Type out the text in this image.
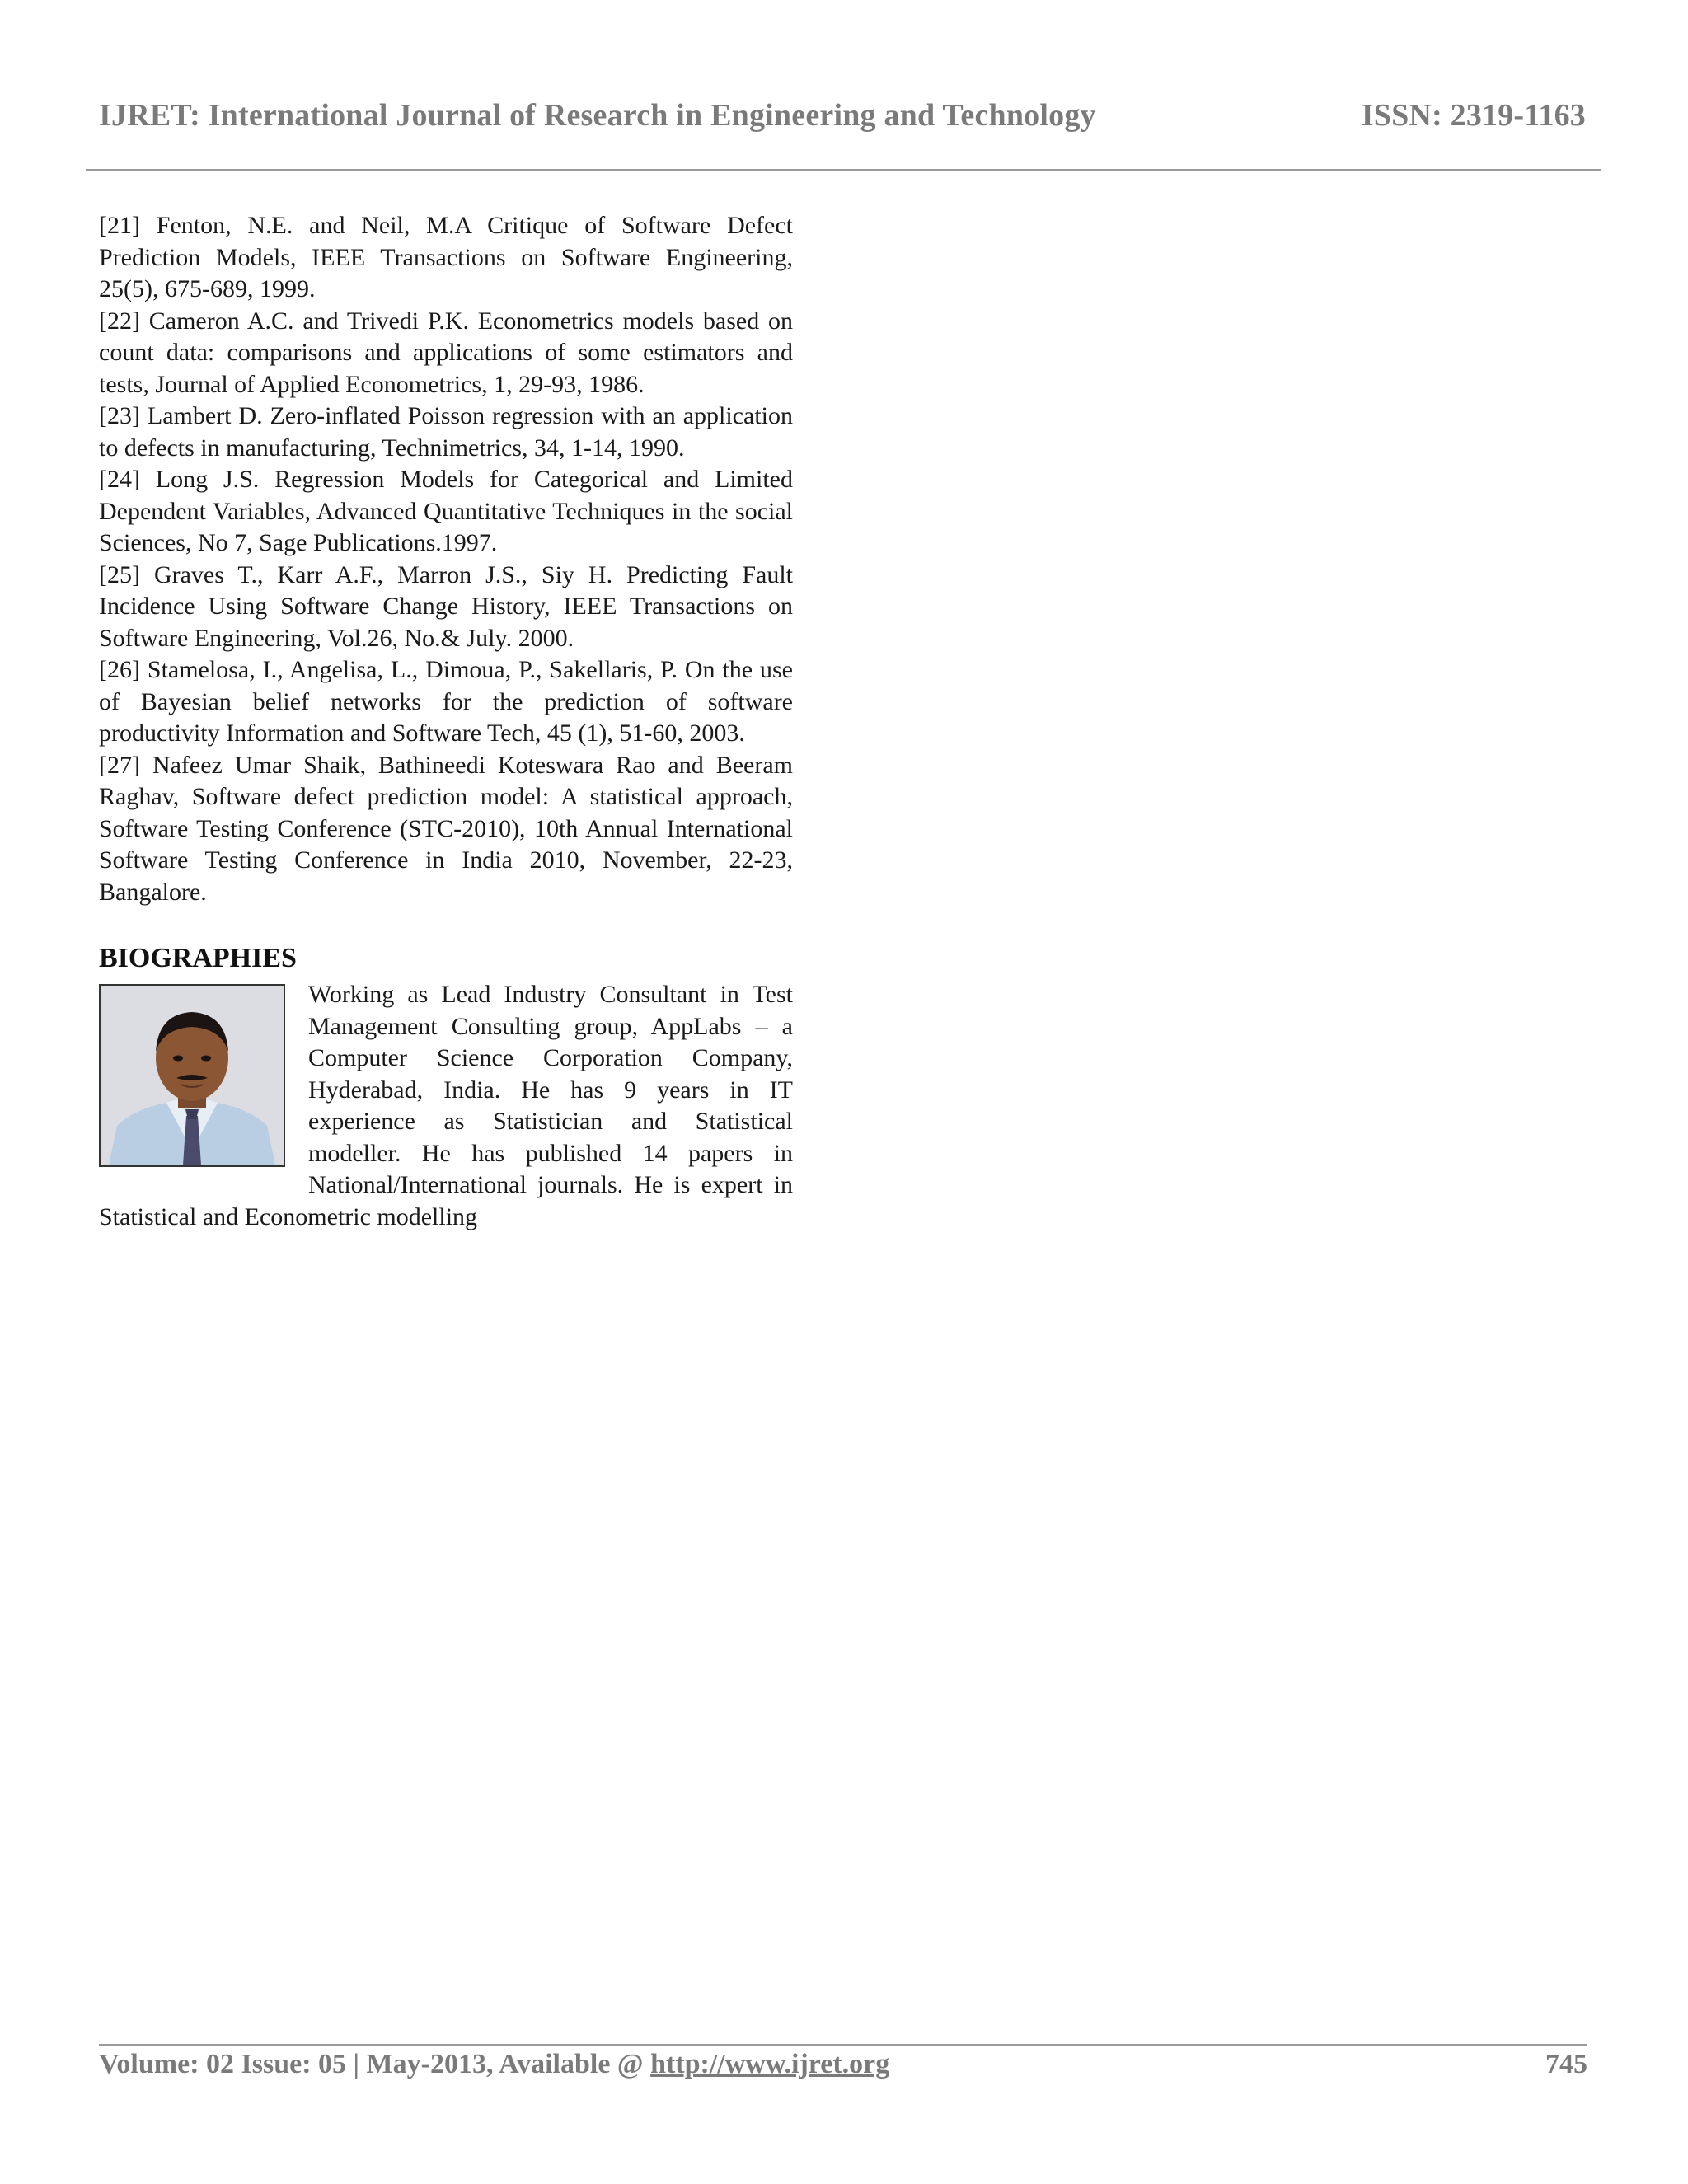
IJRET: International Journal of Research in Engineering and Technology	ISSN: 2319-1163

[21] Fenton, N.E. and Neil, M.A Critique of Software Defect Prediction Models, IEEE Transactions on Software Engineering, 25(5), 675-689, 1999.

[22] Cameron A.C. and Trivedi P.K. Econometrics models based on count data: comparisons and applications of some estimators and tests, Journal of Applied Econometrics, 1, 29-93, 1986.

[23] Lambert D. Zero-inflated Poisson regression with an application to defects in manufacturing, Technimetrics, 34, 1-14, 1990.

[24] Long J.S. Regression Models for Categorical and Limited Dependent Variables, Advanced Quantitative Techniques in the social Sciences, No 7, Sage Publications.1997.

[25] Graves T., Karr A.F., Marron J.S., Siy H. Predicting Fault Incidence Using Software Change History, IEEE Transactions on Software Engineering, Vol.26, No.& July. 2000.

[26] Stamelosa, I., Angelisa, L., Dimoua, P., Sakellaris, P. On the use of Bayesian belief networks for the prediction of software productivity Information and Software Tech, 45 (1), 51-60, 2003.

[27] Nafeez Umar Shaik, Bathineedi Koteswara Rao and Beeram Raghav, Software defect prediction model: A statistical approach, Software Testing Conference (STC-2010), 10th Annual International Software Testing Conference in India 2010, November, 22-23, Bangalore.

BIOGRAPHIES
Working as Lead Industry Consultant in Test Management Consulting group, AppLabs – a Computer Science Corporation Company, Hyderabad, India. He has 9 years in IT experience as Statistician and Statistical modeller. He has published 14 papers in National/International journals. He is expert in Statistical and Econometric modelling
Volume: 02 Issue: 05 | May-2013, Available @ http://www.ijret.org	745
